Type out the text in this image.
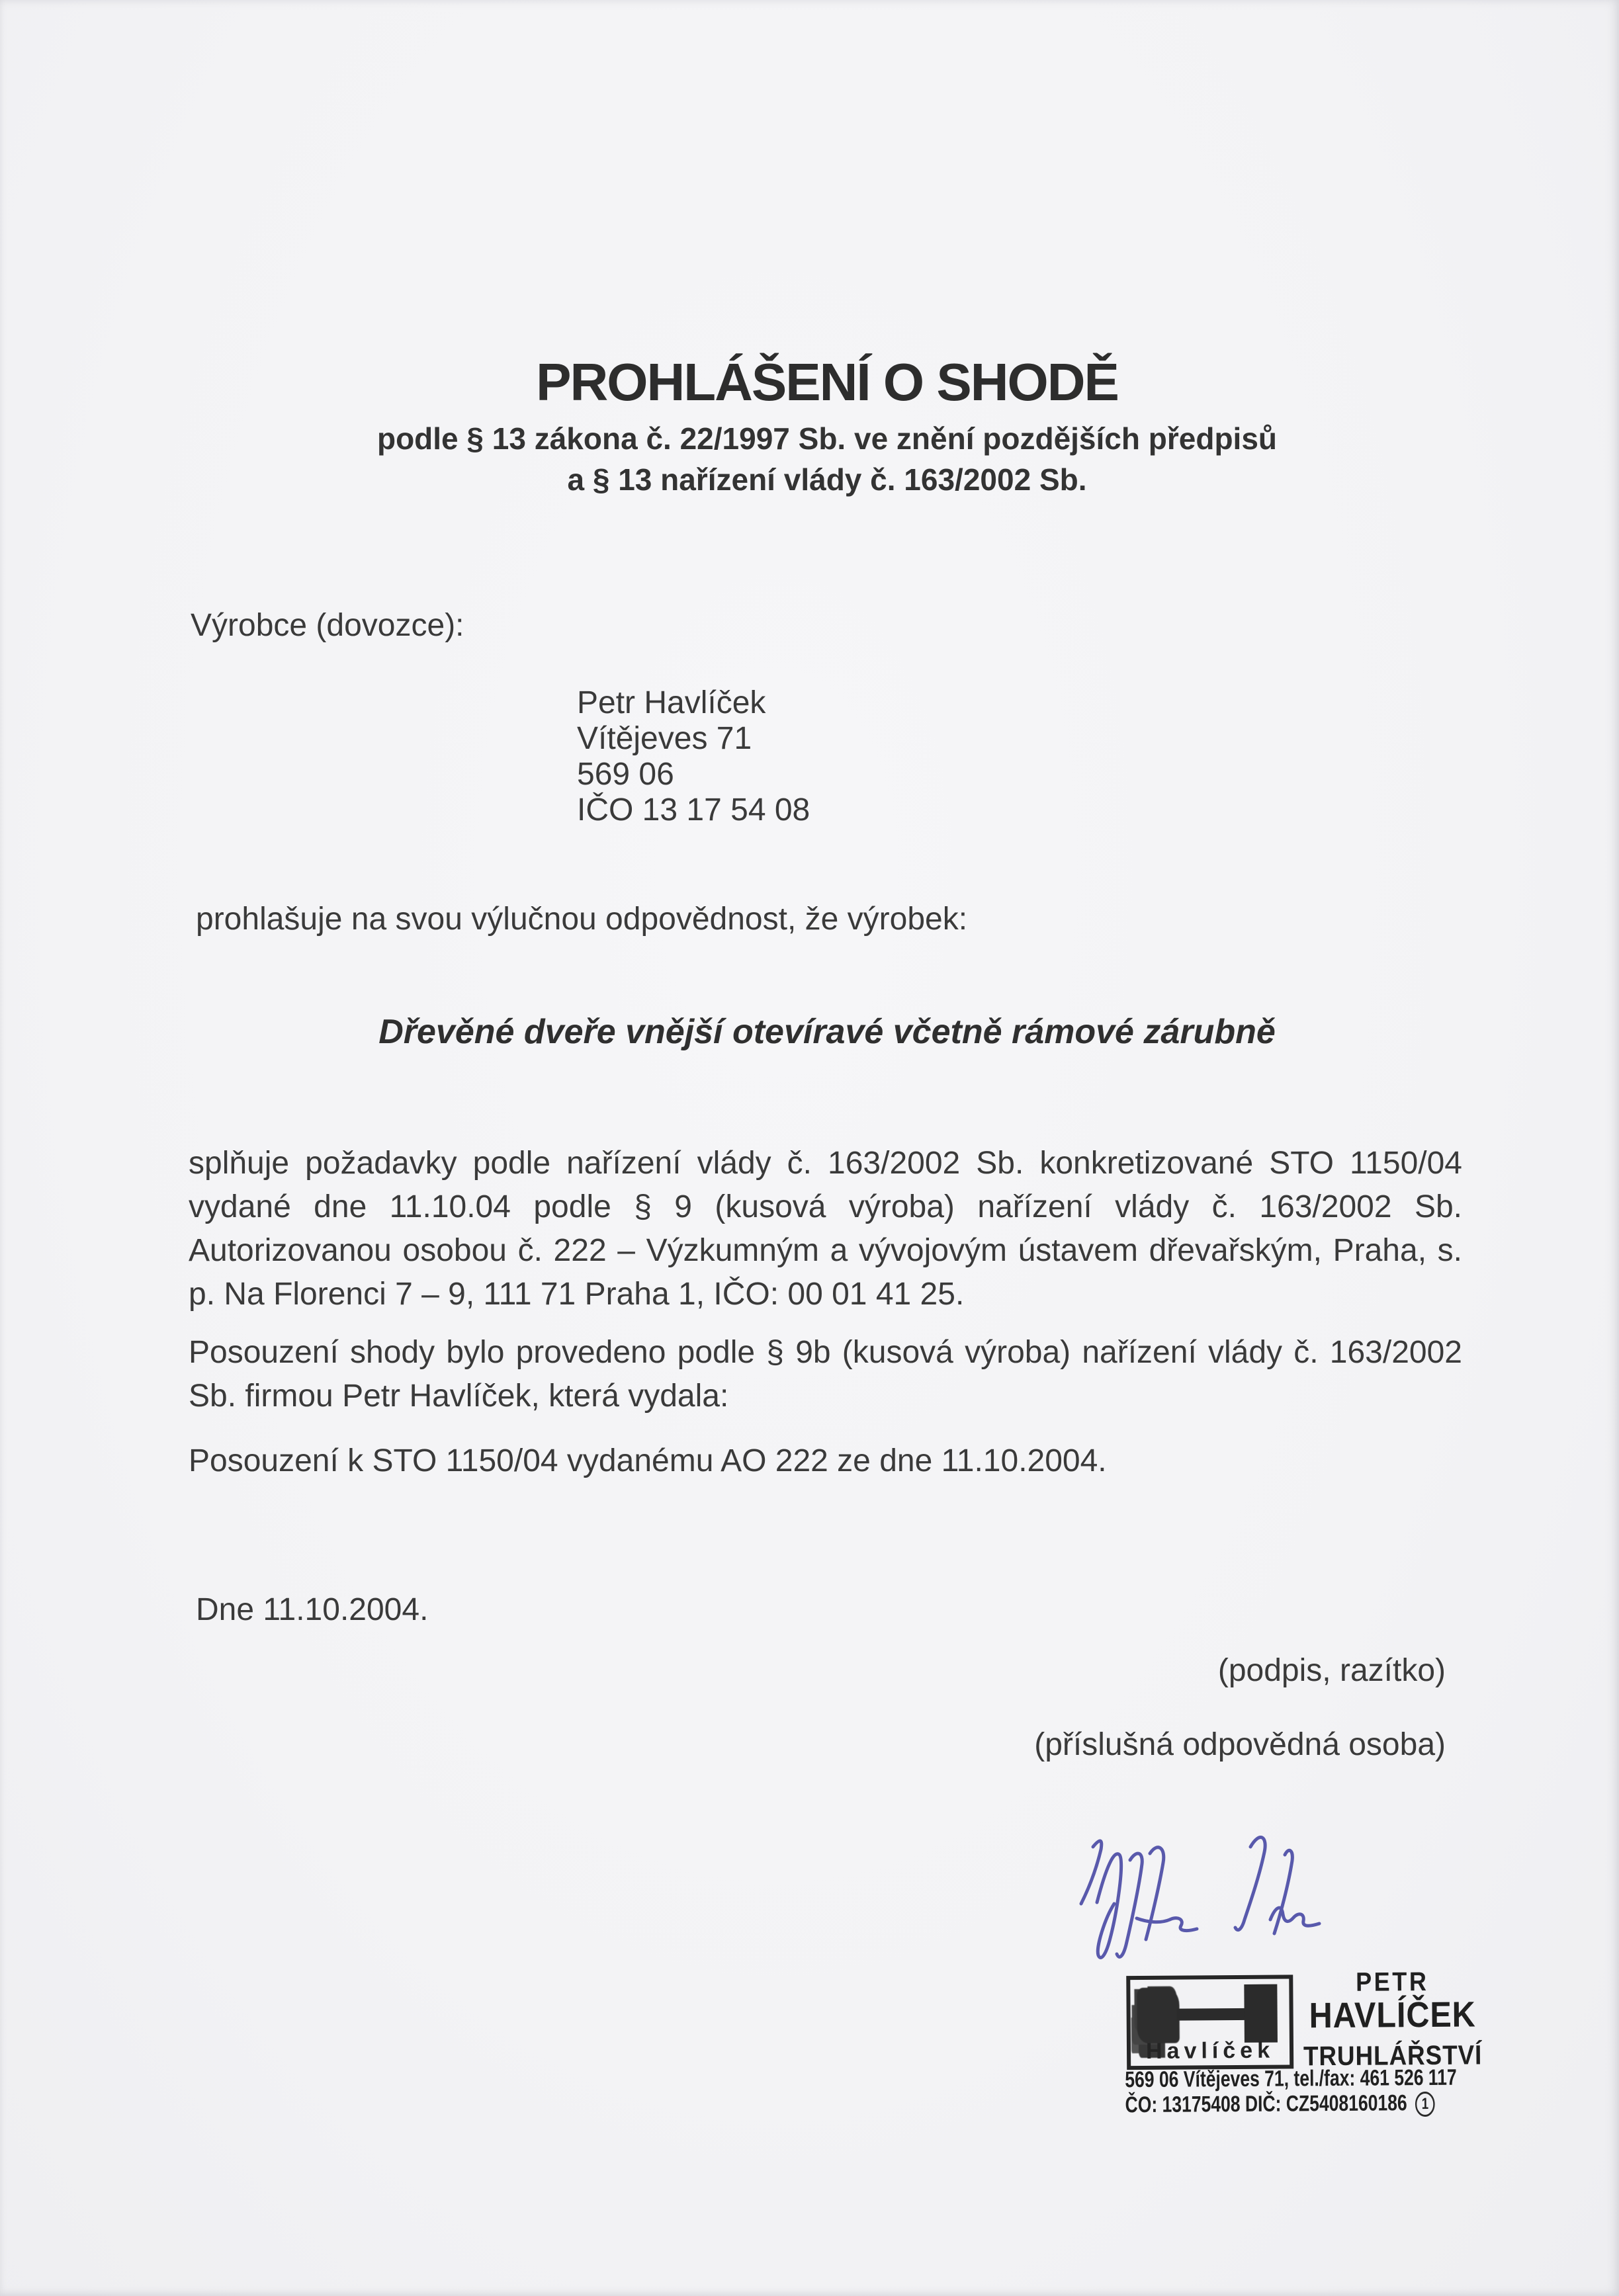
PROHLÁŠENÍ O SHODĚ
podle § 13 zákona č. 22/1997 Sb. ve znění pozdějších předpisů
a § 13 nařízení vlády č. 163/2002 Sb.
Výrobce (dovozce):
Petr Havlíček
Vítějeves 71
569 06
IČO 13 17 54 08
prohlašuje na svou výlučnou odpovědnost, že výrobek:
Dřevěné dveře vnější otevíravé včetně rámové zárubně
splňuje požadavky podle nařízení vlády č. 163/2002 Sb. konkretizované STO 1150/04 vydané dne 11.10.04 podle § 9 (kusová výroba) nařízení vlády č. 163/2002 Sb. Autorizovanou osobou č. 222 – Výzkumným a vývojovým ústavem dřevařským, Praha, s. p. Na Florenci 7 – 9, 111 71 Praha 1, IČO: 00 01 41 25.
Posouzení shody bylo provedeno podle § 9b (kusová výroba) nařízení vlády č. 163/2002 Sb. firmou Petr Havlíček, která vydala:
Posouzení k STO 1150/04 vydanému AO 222 ze dne 11.10.2004.
Dne 11.10.2004.
(podpis, razítko)
(příslušná odpovědná osoba)
Havlíček
PETR
HAVLÍČEK
TRUHLÁŘSTVÍ
569 06 Vítějeves 71, tel./fax: 461 526 117
ČO: 13175408 DIČ: CZ5408160186 1
